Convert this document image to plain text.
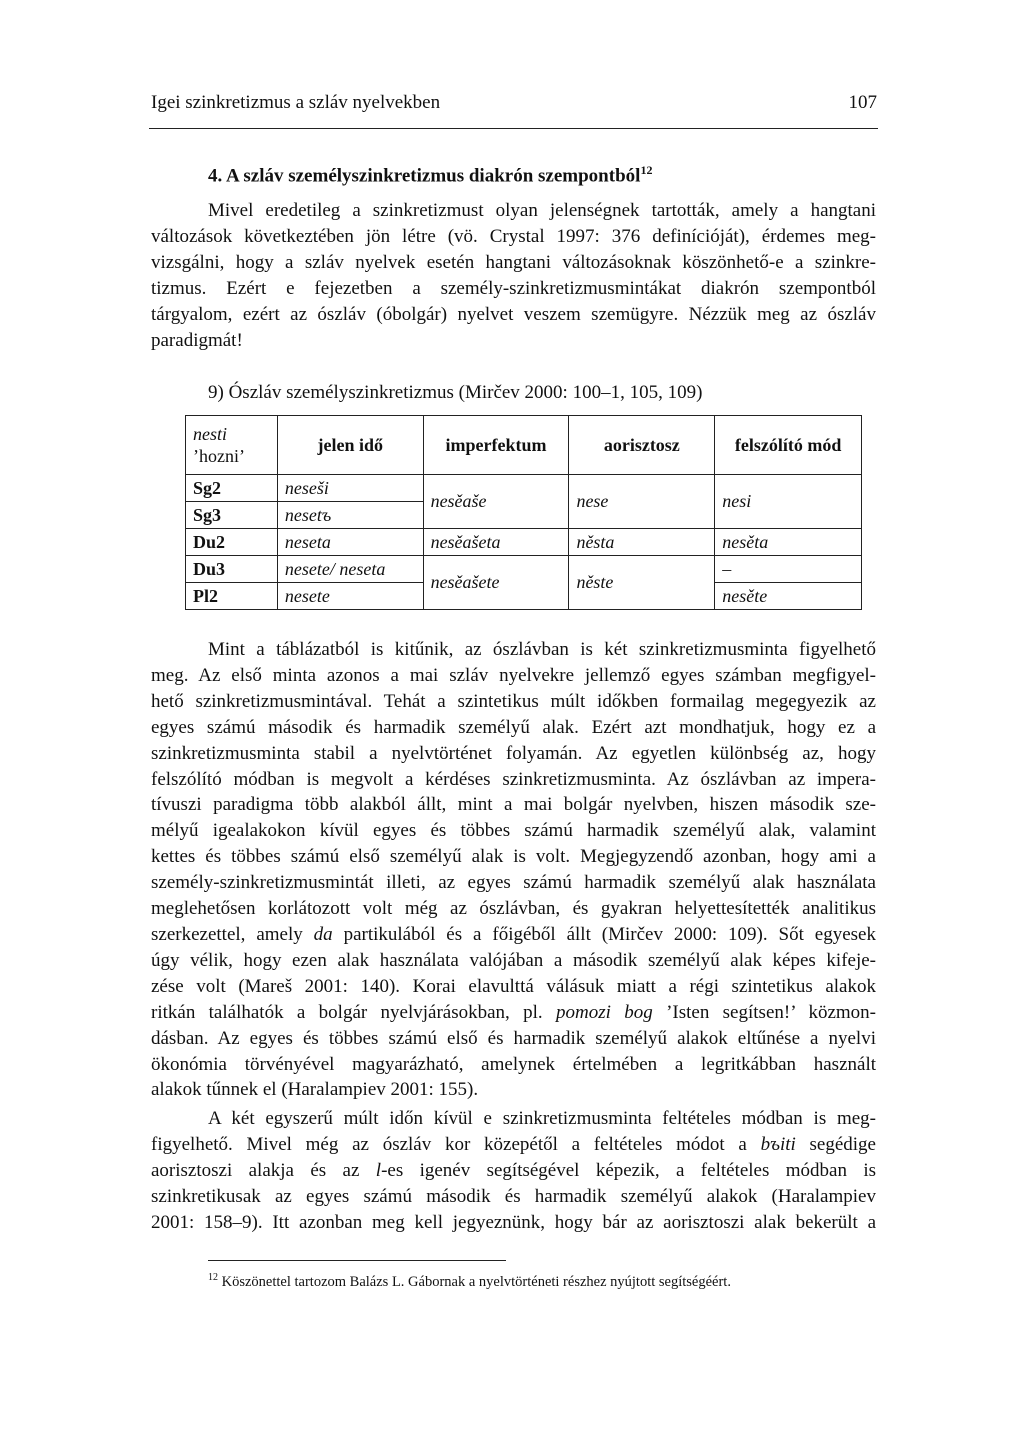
Igei szinkretizmus a szláv nyelvekben	107
4. A szláv személyszinkretizmus diakrón szempontból$^{12}$
Mivel eredetileg a szinkretizmust olyan jelenségnek tartották, amely a hangtani
változások következtében jön létre (vö. Crystal 1997: 376 definícióját), érdemes meg-
vizsgálni, hogy a szláv nyelvek esetén hangtani változásoknak köszönhető-e a szinkre-
tizmus. Ezért e fejezetben a személy-szinkretizmusmintákat diakrón szempontból
tárgyalom, ezért az ószláv (óbolgár) nyelvet veszem szemügyre. Nézzük meg az ószláv
paradigmát!
9) Ószláv személyszinkretizmus (Mirčev 2000: 100–1, 105, 109)
nesti
’hozni’	jelen idő	imperfektum	aorisztosz	felszólító mód
Sg2	neseši	nesěaše	nese	nesi
Sg3	nesetъ			
Du2	neseta	nesěašeta	něsta	nesěta
Du3	nesete/ neseta	nesěašete	něste	–
Pl2	nesete			nesěte
Mint a táblázatból is kitűnik, az ószlávban is két szinkretizmusminta figyelhető
meg. Az első minta azonos a mai szláv nyelvekre jellemző egyes számban megfigyel-
hető szinkretizmusmintával. Tehát a szintetikus múlt időkben formailag megegyezik az
egyes számú második és harmadik személyű alak. Ezért azt mondhatjuk, hogy ez a
szinkretizmusminta stabil a nyelvtörténet folyamán. Az egyetlen különbség az, hogy
felszólító módban is megvolt a kérdéses szinkretizmusminta. Az ószlávban az impera-
tívuszi paradigma több alakból állt, mint a mai bolgár nyelvben, hiszen második sze-
mélyű igealakokon kívül egyes és többes számú harmadik személyű alak, valamint
kettes és többes számú első személyű alak is volt. Megjegyzendő azonban, hogy ami a
személy-szinkretizmusmintát illeti, az egyes számú harmadik személyű alak használata
meglehetősen korlátozott volt még az ószlávban, és gyakran helyettesítették analitikus
szerkezettel, amely da partikulából és a főigéből állt (Mirčev 2000: 109). Sőt egyesek
úgy vélik, hogy ezen alak használata valójában a második személyű alak képes kifeje-
zése volt (Mareš 2001: 140). Korai elavulttá válásuk miatt a régi szintetikus alakok
ritkán találhatók a bolgár nyelvjárásokban, pl. pomozi bog ’Isten segítsen!’ közmon-
dásban. Az egyes és többes számú első és harmadik személyű alakok eltűnése a nyelvi
ökonómia törvényével magyarázható, amelynek értelmében a legritkábban használt
alakok tűnnek el (Haralampiev 2001: 155).
A két egyszerű múlt időn kívül e szinkretizmusminta feltételes módban is meg-
figyelhető. Mivel még az ószláv kor közepétől a feltételes módot a bъiti segédige
aorisztoszi alakja és az l-es igenév segítségével képezik, a feltételes módban is
szinkretikusak az egyes számú második és harmadik személyű alakok (Haralampiev
2001: 158–9). Itt azonban meg kell jegyeznünk, hogy bár az aorisztoszi alak bekerült a
$^{12}$ Köszönettel tartozom Balázs L. Gábornak a nyelvtörténeti részhez nyújtott segítségéért.
